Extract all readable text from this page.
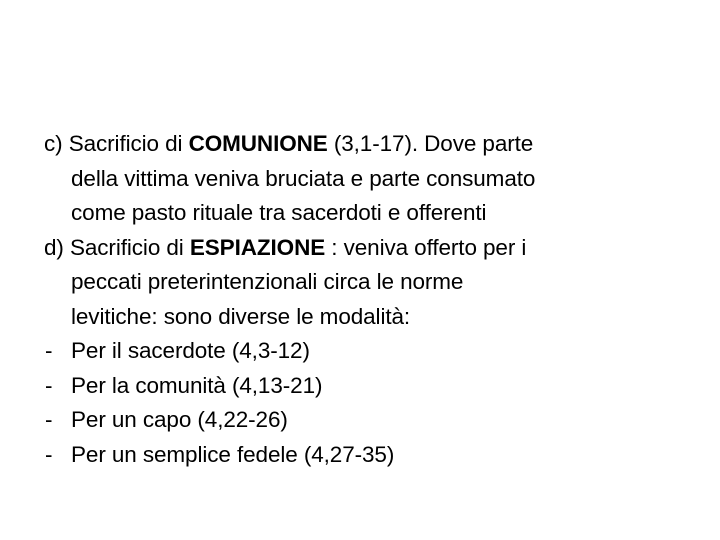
c) Sacrificio di COMUNIONE (3,1-17). Dove parte
della vittima veniva bruciata e parte consumato
come pasto rituale tra sacerdoti e offerenti

d) Sacrificio di ESPIAZIONE : veniva offerto per i
peccati preterintenzionali circa le norme
levitiche: sono diverse le modalità:

- Per il sacerdote (4,3-12)

- Per la comunità (4,13-21)

- Per un capo (4,22-26)

- Per un semplice fedele (4,27-35)
